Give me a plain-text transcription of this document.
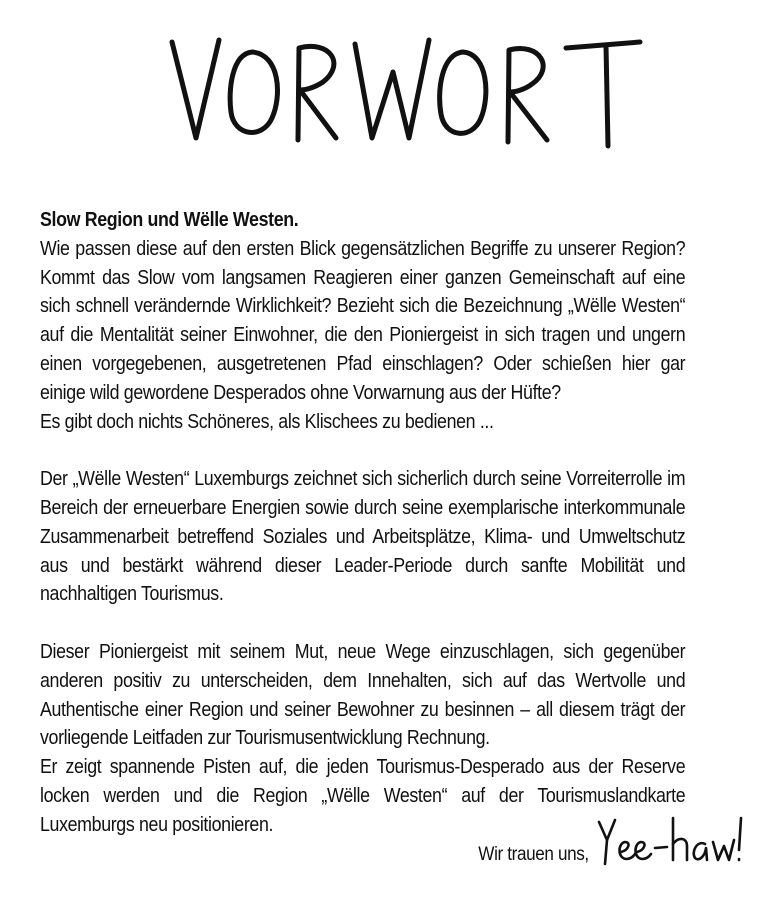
Slow Region und Wëlle Westen.
Wie passen diese auf den ersten Blick gegensätzlichen Begriffe zu unserer Region? Kommt das Slow vom langsamen Reagieren einer ganzen Gemeinschaft auf eine sich schnell verändernde Wirklichkeit? Bezieht sich die Bezeichnung „Wëlle Westen“ auf die Mentalität seiner Einwohner, die den Pioniergeist in sich tragen und ungern einen vorgegebenen, ausgetretenen Pfad einschlagen? Oder schießen hier gar einige wild gewordene Desperados ohne Vorwarnung aus der Hüfte?

Es gibt doch nichts Schöneres, als Klischees zu bedienen ...

Der „Wëlle Westen“ Luxemburgs zeichnet sich sicherlich durch seine Vorreiterrolle im Bereich der erneuerbare Energien sowie durch seine exemplarische interkommunale Zusammenarbeit betreffend Soziales und Arbeitsplätze, Klima- und Umweltschutz aus und bestärkt während dieser Leader-Periode durch sanfte Mobilität und nachhaltigen Tourismus.

Dieser Pioniergeist mit seinem Mut, neue Wege einzuschlagen, sich gegenüber anderen positiv zu unterscheiden, dem Innehalten, sich auf das Wertvolle und Authentische einer Region und seiner Bewohner zu besinnen – all diesem trägt der vorliegende Leitfaden zur Tourismusentwicklung Rechnung.

Er zeigt spannende Pisten auf, die jeden Tourismus-Desperado aus der Reserve locken werden und die Region „Wëlle Westen“ auf der Tourismuslandkarte Luxemburgs neu positionieren.

Wir trauen uns,
